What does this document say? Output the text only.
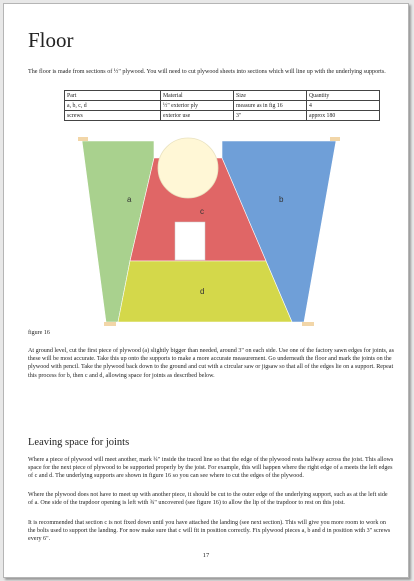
Floor

The floor is made from sections of ½" plywood. You will need to cut plywood sheets into sections which will line up with the underlying supports.

Part	Material	Size	Quantity
a, b, c, d	½" exterior ply	measure as in fig 16	4
screws	exterior use	3"	approx 180
a	b
c
d

figure 16

At ground level, cut the first piece of plywood (a) slightly bigger than needed, around 3" on each side. Use one of the factory sawn edges for joints, as these will be most accurate. Take this up onto the supports to make a more accurate measurement. Go underneath the floor and mark the joints on the plywood with pencil. Take the plywood back down to the ground and cut with a circular saw or jigsaw so that all of the edges lie on a support. Repeat this process for b, then c and d, allowing space for joints as described below.

Leaving space for joints

Where a piece of plywood will meet another, mark ¾" inside the traced line so that the edge of the plywood rests halfway across the joist. This allows space for the next piece of plywood to be supported properly by the joist. For example, this will happen where the right edge of a meets the left edges of c and d. The underlying supports are shown in figure 16 so you can see where to cut the edges of the plywood.

Where the plywood does not have to meet up with another piece, it should be cut to the outer edge of the underlying support, such as at the left side of a. One side of the trapdoor opening is left with ¾" uncovered (see figure 16) to allow the lip of the trapdoor to rest on this joist.

It is recommended that section c is not fixed down until you have attached the landing (see next section). This will give you more room to work on the bolts used to support the landing. For now make sure that c will fit in position correctly. Fix plywood pieces a, b and d in position with 3" screws every 6".

17
